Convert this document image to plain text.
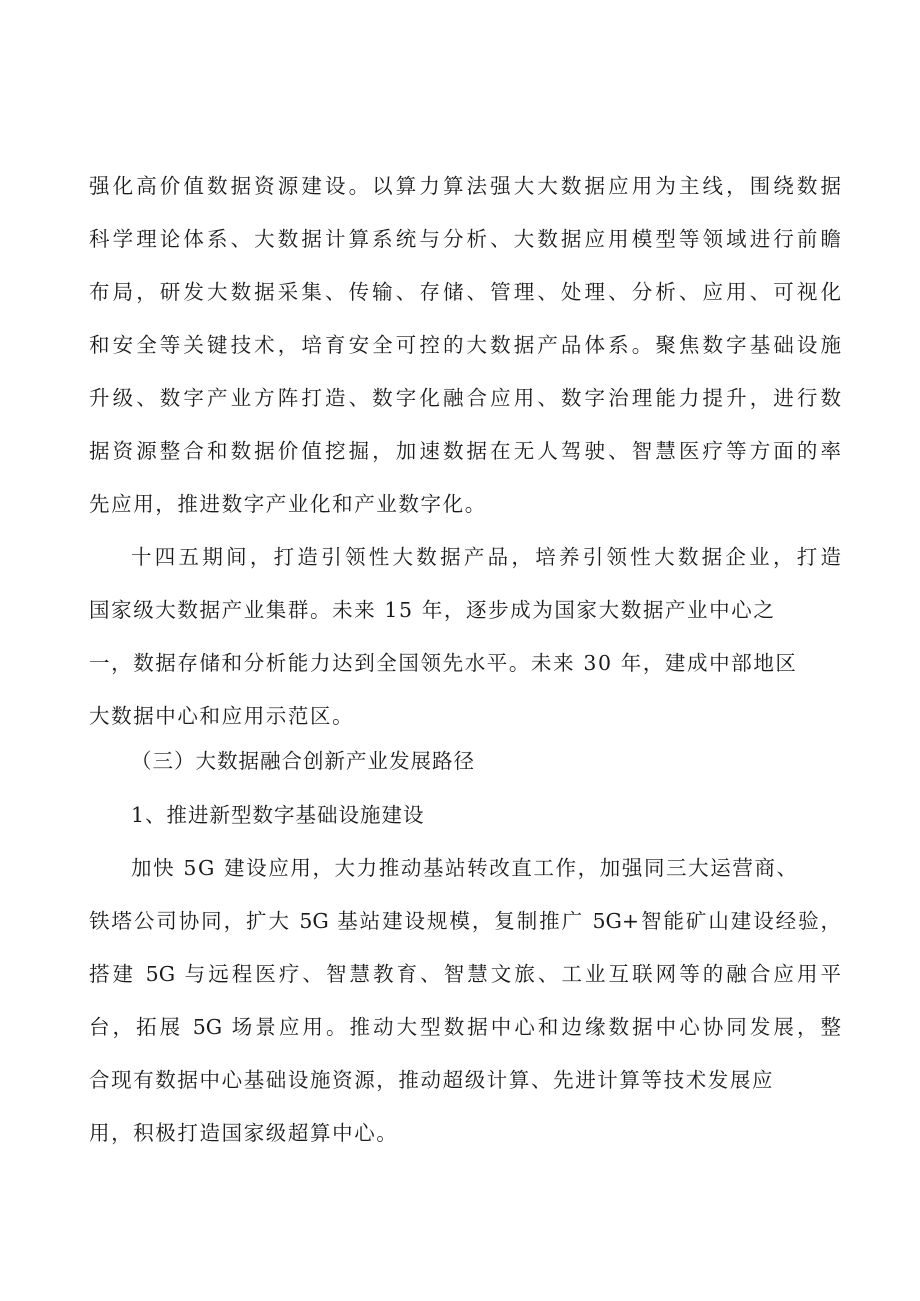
强化高价值数据资源建设。以算力算法强大大数据应用为主线，围绕数据

科学理论体系、大数据计算系统与分析、大数据应用模型等领域进行前瞻

布局，研发大数据采集、传输、存储、管理、处理、分析、应用、可视化

和安全等关键技术，培育安全可控的大数据产品体系。聚焦数字基础设施

升级、数字产业方阵打造、数字化融合应用、数字治理能力提升，进行数

据资源整合和数据价值挖掘，加速数据在无人驾驶、智慧医疗等方面的率

先应用，推进数字产业化和产业数字化。

十四五期间，打造引领性大数据产品，培养引领性大数据企业，打造

国家级大数据产业集群。未来 15 年，逐步成为国家大数据产业中心之

一，数据存储和分析能力达到全国领先水平。未来 30 年，建成中部地区

大数据中心和应用示范区。

（三）大数据融合创新产业发展路径

1、推进新型数字基础设施建设

加快 5G 建设应用，大力推动基站转改直工作，加强同三大运营商、

铁塔公司协同，扩大 5G 基站建设规模，复制推广 5G+智能矿山建设经验，

搭建 5G 与远程医疗、智慧教育、智慧文旅、工业互联网等的融合应用平

台，拓展 5G 场景应用。推动大型数据中心和边缘数据中心协同发展，整

合现有数据中心基础设施资源，推动超级计算、先进计算等技术发展应

用，积极打造国家级超算中心。
